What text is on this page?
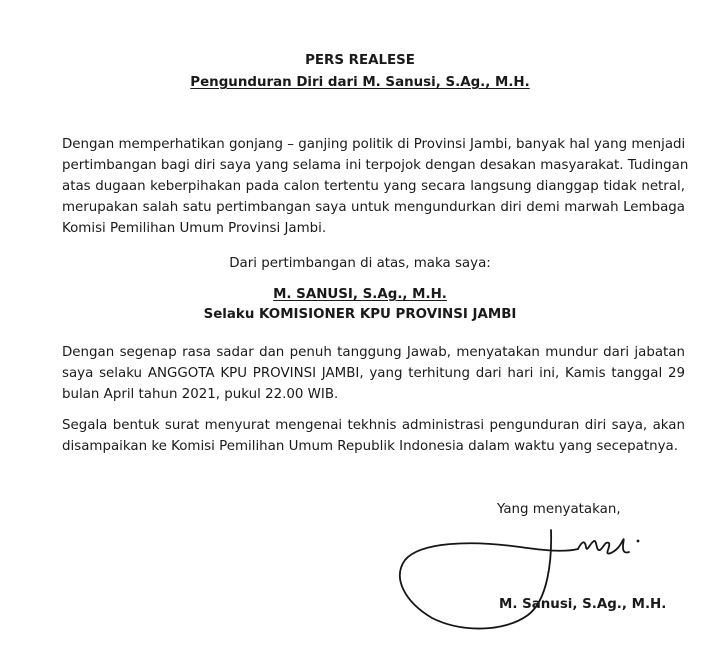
PERS REALESE
Pengunduran Diri dari M. Sanusi, S.Ag., M.H.
Dengan memperhatikan gonjang – ganjing politik di Provinsi Jambi, banyak hal yang menjadi
pertimbangan bagi diri saya yang selama ini terpojok dengan desakan masyarakat. Tudingan
atas dugaan keberpihakan pada calon tertentu yang secara langsung dianggap tidak netral,
merupakan salah satu pertimbangan saya untuk mengundurkan diri demi marwah Lembaga
Komisi Pemilihan Umum Provinsi Jambi.
Dari pertimbangan di atas, maka saya:
M. SANUSI, S.Ag., M.H.
Selaku KOMISIONER KPU PROVINSI JAMBI
Dengan segenap rasa sadar dan penuh tanggung Jawab, menyatakan mundur dari jabatan
saya selaku ANGGOTA KPU PROVINSI JAMBI, yang terhitung dari hari ini, Kamis tanggal 29
bulan April tahun 2021, pukul 22.00 WIB.
Segala bentuk surat menyurat mengenai tekhnis administrasi pengunduran diri saya, akan
disampaikan ke Komisi Pemilihan Umum Republik Indonesia dalam waktu yang secepatnya.
Yang menyatakan,
M. Sanusi, S.Ag., M.H.
